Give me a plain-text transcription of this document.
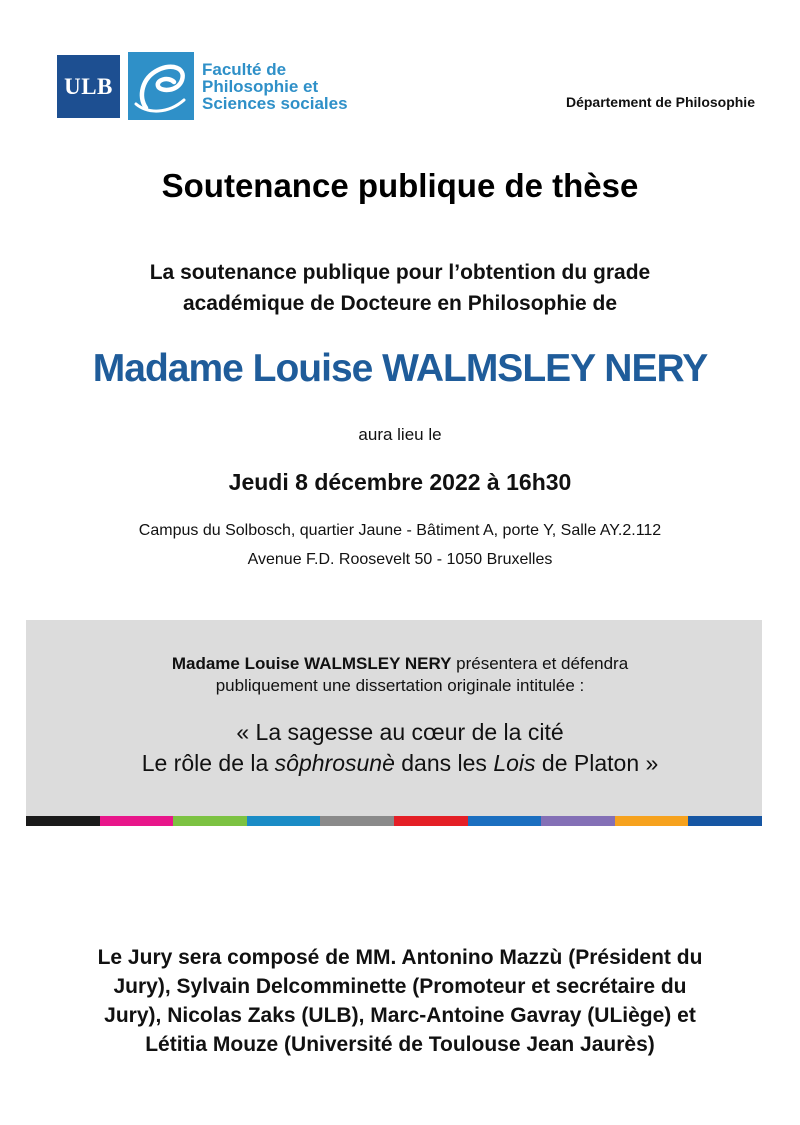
ULB
Faculté de
Philosophie et
Sciences sociales	Département de Philosophie
Soutenance publique de thèse
La soutenance publique pour l’obtention du grade
académique de Docteure en Philosophie de
Madame Louise WALMSLEY NERY
aura lieu le
Jeudi 8 décembre 2022 à 16h30
Campus du Solbosch, quartier Jaune - Bâtiment A, porte Y, Salle AY.2.112
Avenue F.D. Roosevelt 50 - 1050 Bruxelles
Madame Louise WALMSLEY NERY présentera et défendra
publiquement une dissertation originale intitulée :
« La sagesse au cœur de la cité
Le rôle de la sôphrosunè dans les Lois de Platon »
Le Jury sera composé de MM. Antonino Mazzù (Président du
Jury), Sylvain Delcomminette (Promoteur et secrétaire du
Jury), Nicolas Zaks (ULB), Marc-Antoine Gavray (ULiège) et
Létitia Mouze (Université de Toulouse Jean Jaurès)
